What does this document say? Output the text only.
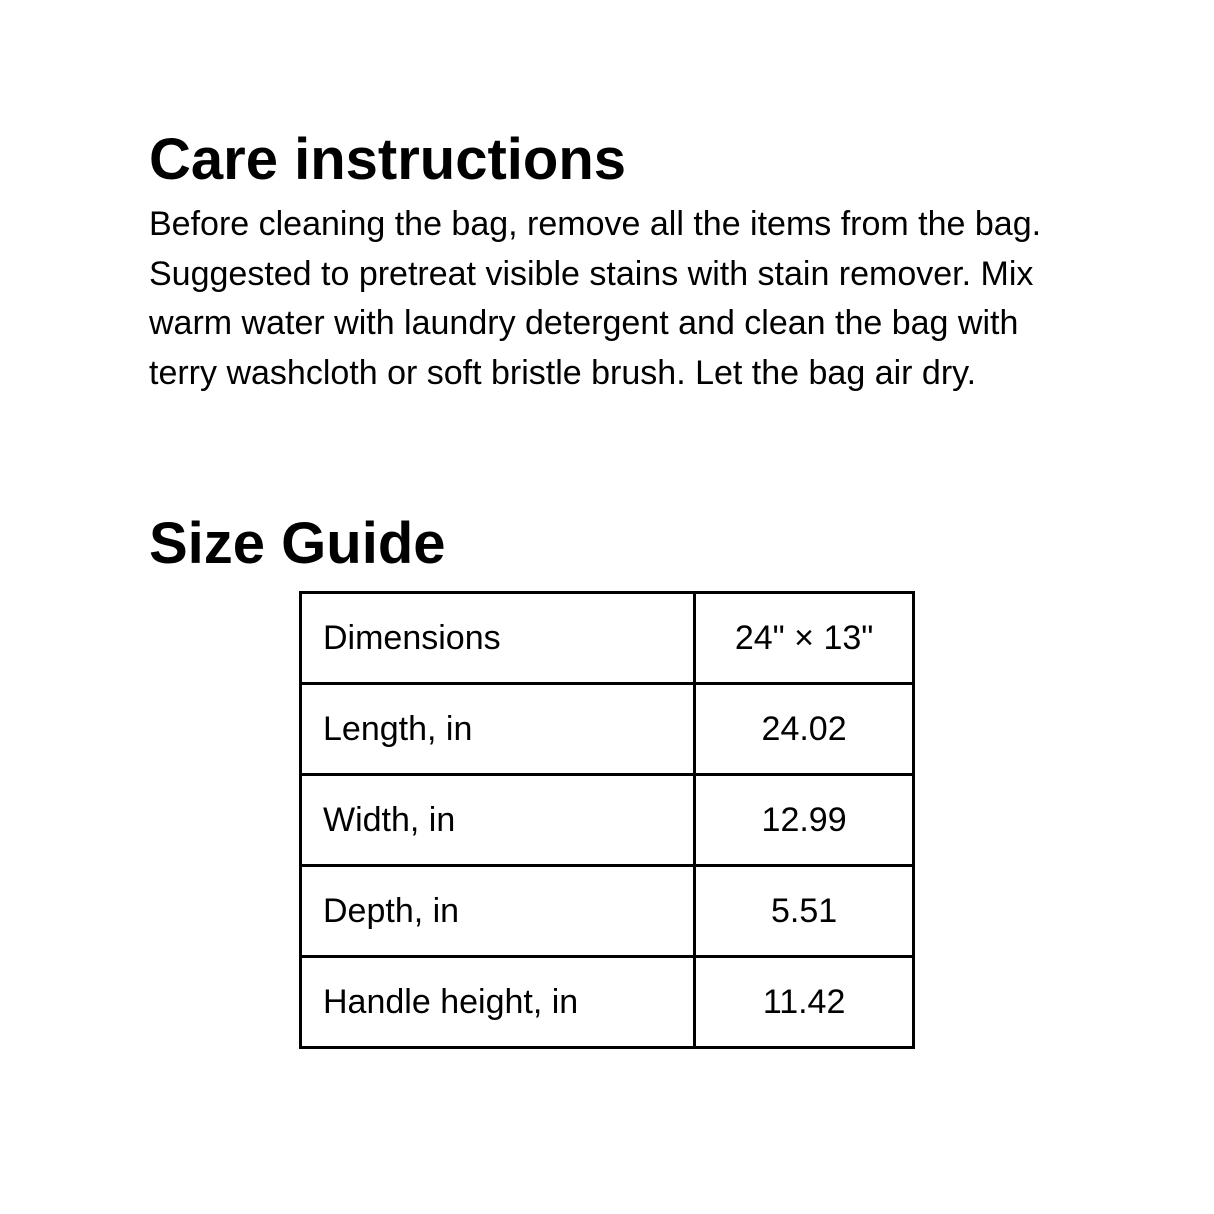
Care instructions

Before cleaning the bag, remove all the items from the bag. Suggested to pretreat visible stains with stain remover. Mix warm water with laundry detergent and clean the bag with terry washcloth or soft bristle brush. Let the bag air dry.

Size Guide
Dimensions	24" × 13"
Length, in	24.02
Width, in	12.99
Depth, in	5.51
Handle height, in	11.42
